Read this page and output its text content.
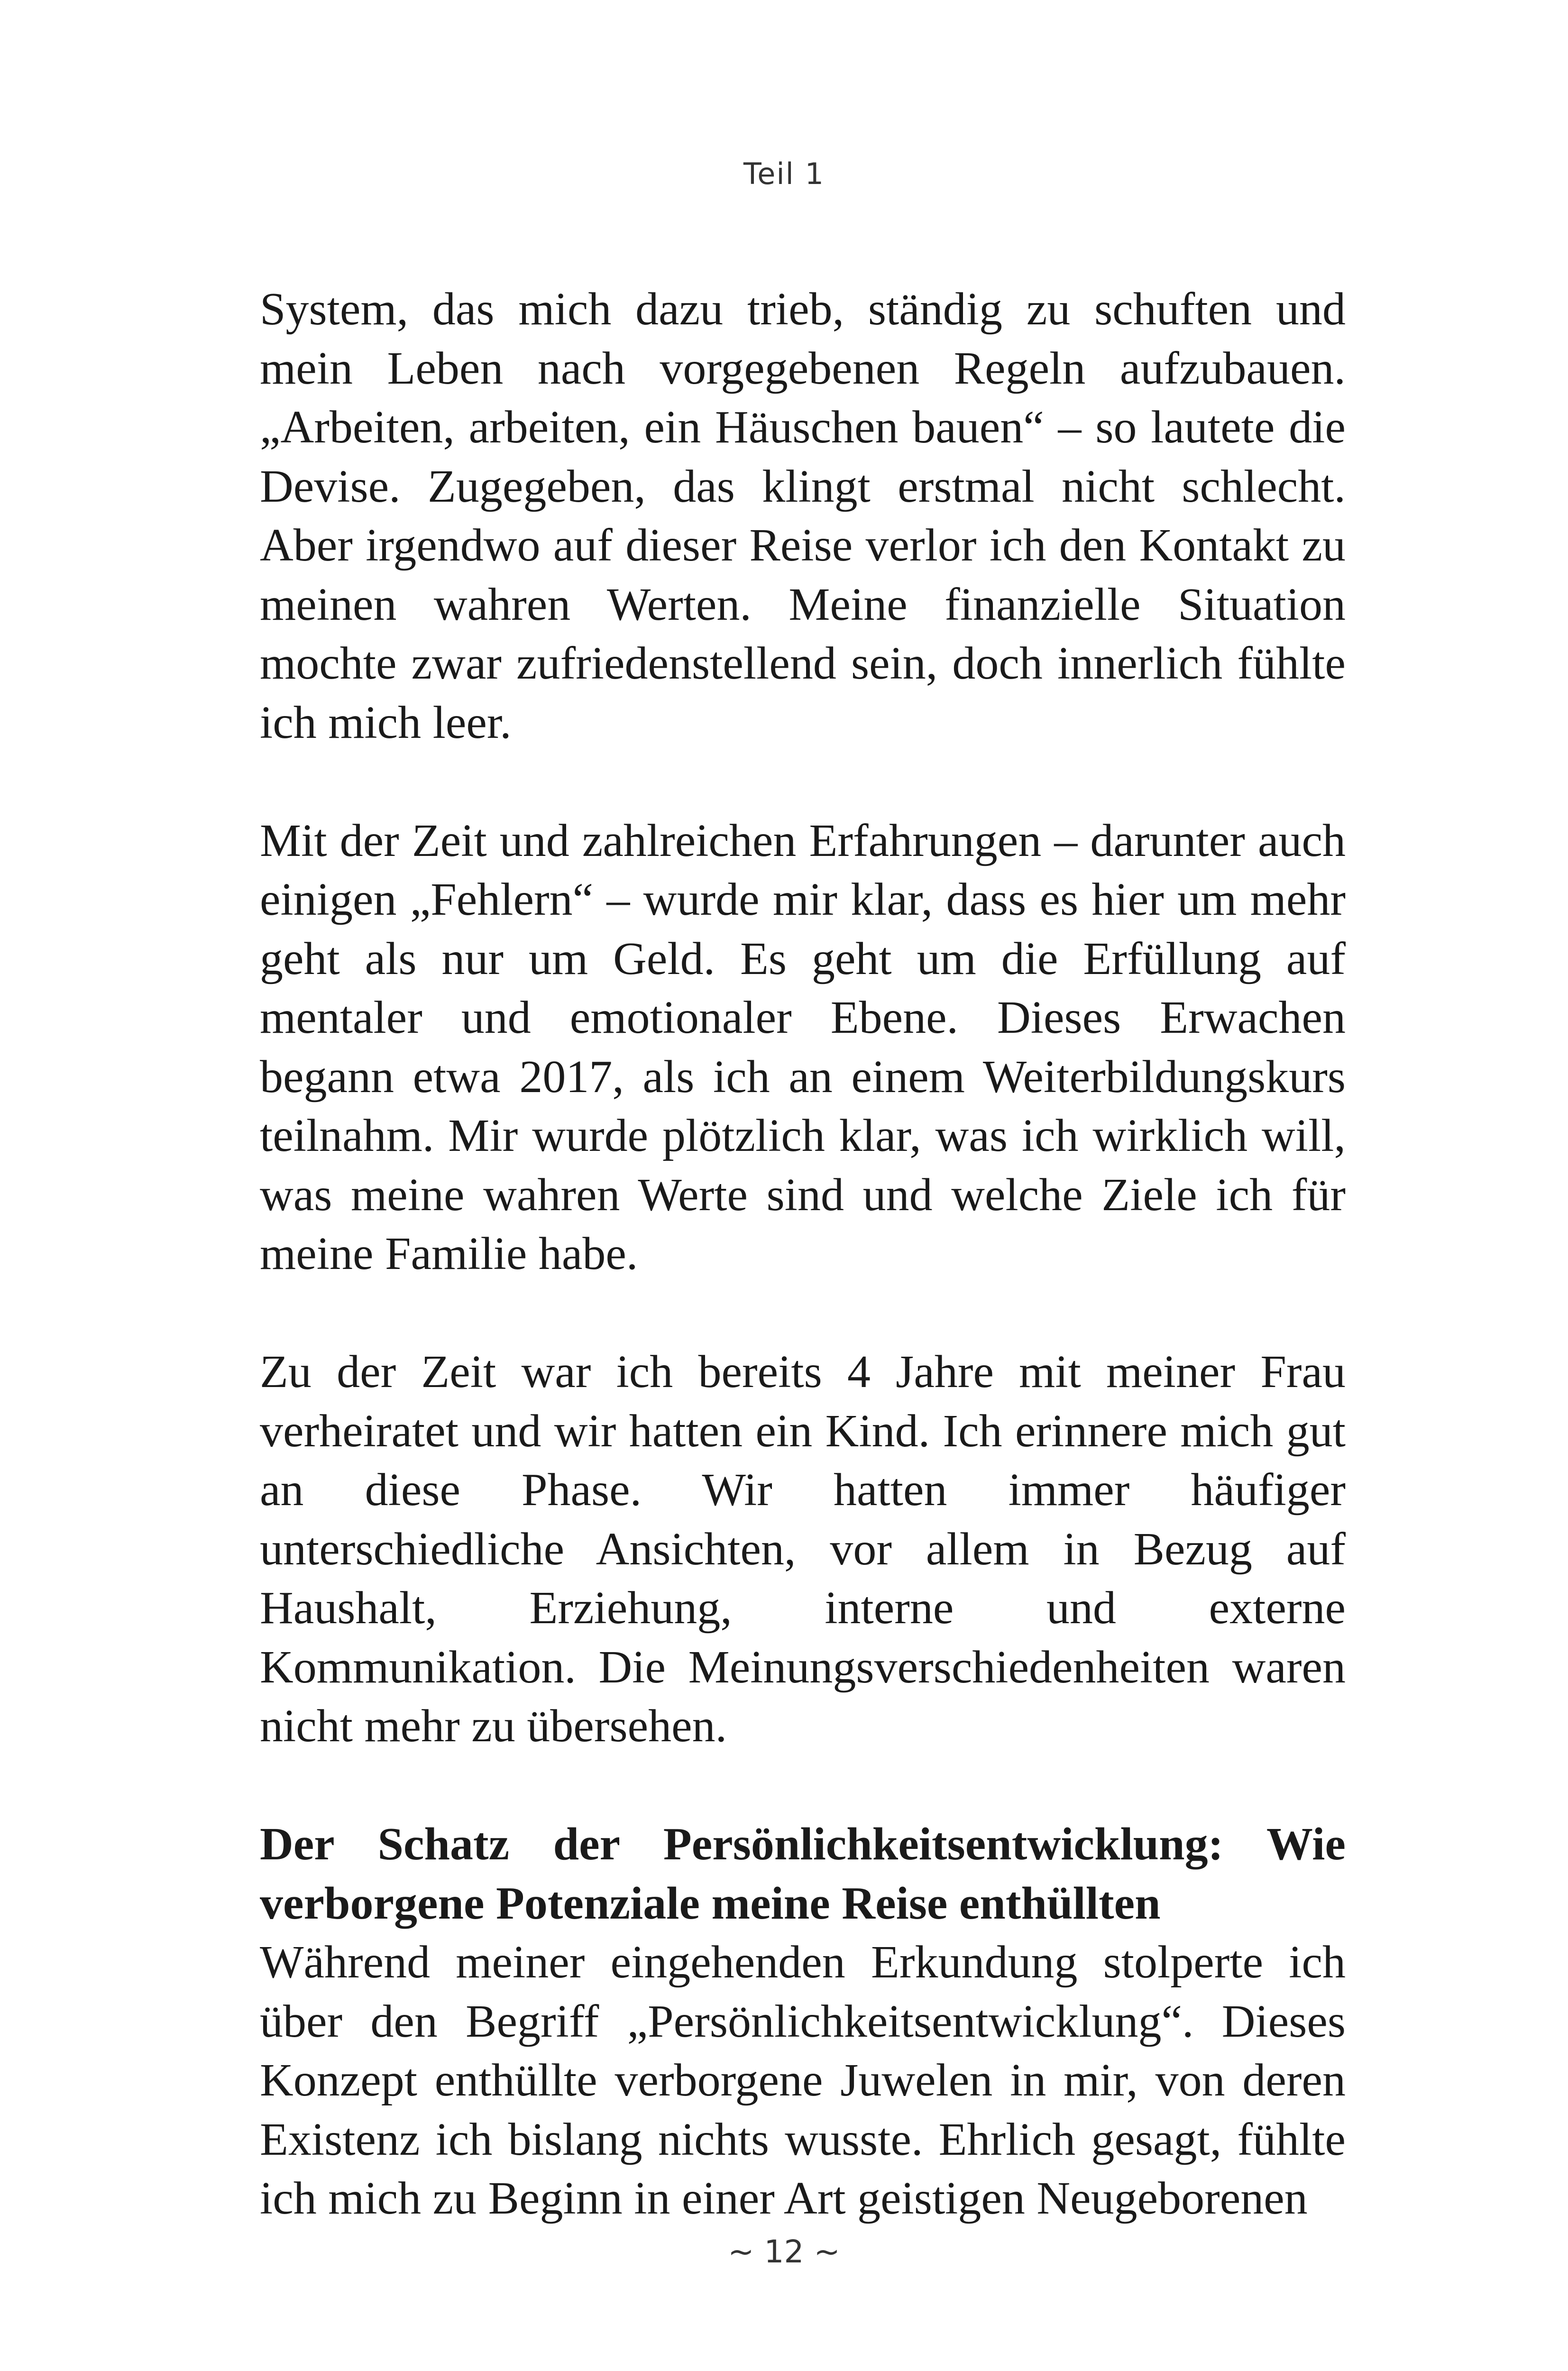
Teil 1

System, das mich dazu trieb, ständig zu schuften und mein Leben nach vorgegebenen Regeln aufzubauen. „Arbeiten, arbeiten, ein Häuschen bauen“ – so lautete die Devise. Zugegeben, das klingt erstmal nicht schlecht. Aber irgendwo auf dieser Reise verlor ich den Kontakt zu meinen wahren Werten. Meine finanzielle Situation mochte zwar zufriedenstellend sein, doch innerlich fühlte ich mich leer.

Mit der Zeit und zahlreichen Erfahrungen – darunter auch einigen „Fehlern“ – wurde mir klar, dass es hier um mehr geht als nur um Geld. Es geht um die Erfüllung auf mentaler und emotionaler Ebene. Dieses Erwachen begann etwa 2017, als ich an einem Weiterbildungskurs teilnahm. Mir wurde plötzlich klar, was ich wirklich will, was meine wahren Werte sind und welche Ziele ich für meine Familie habe.

Zu der Zeit war ich bereits 4 Jahre mit meiner Frau verheiratet und wir hatten ein Kind. Ich erinnere mich gut an diese Phase. Wir hatten immer häufiger unterschiedliche Ansichten, vor allem in Bezug auf Haushalt, Erziehung, interne und externe Kommunikation. Die Meinungsverschiedenheiten waren nicht mehr zu übersehen.

Der Schatz der Persönlichkeitsentwicklung: Wie verborgene Potenziale meine Reise enthüllten

Während meiner eingehenden Erkundung stolperte ich über den Begriff „Persönlichkeitsentwicklung“. Dieses Konzept enthüllte verborgene Juwelen in mir, von deren Existenz ich bislang nichts wusste. Ehrlich gesagt, fühlte ich mich zu Beginn in einer Art geistigen Neugeborenen

~ 12 ~
